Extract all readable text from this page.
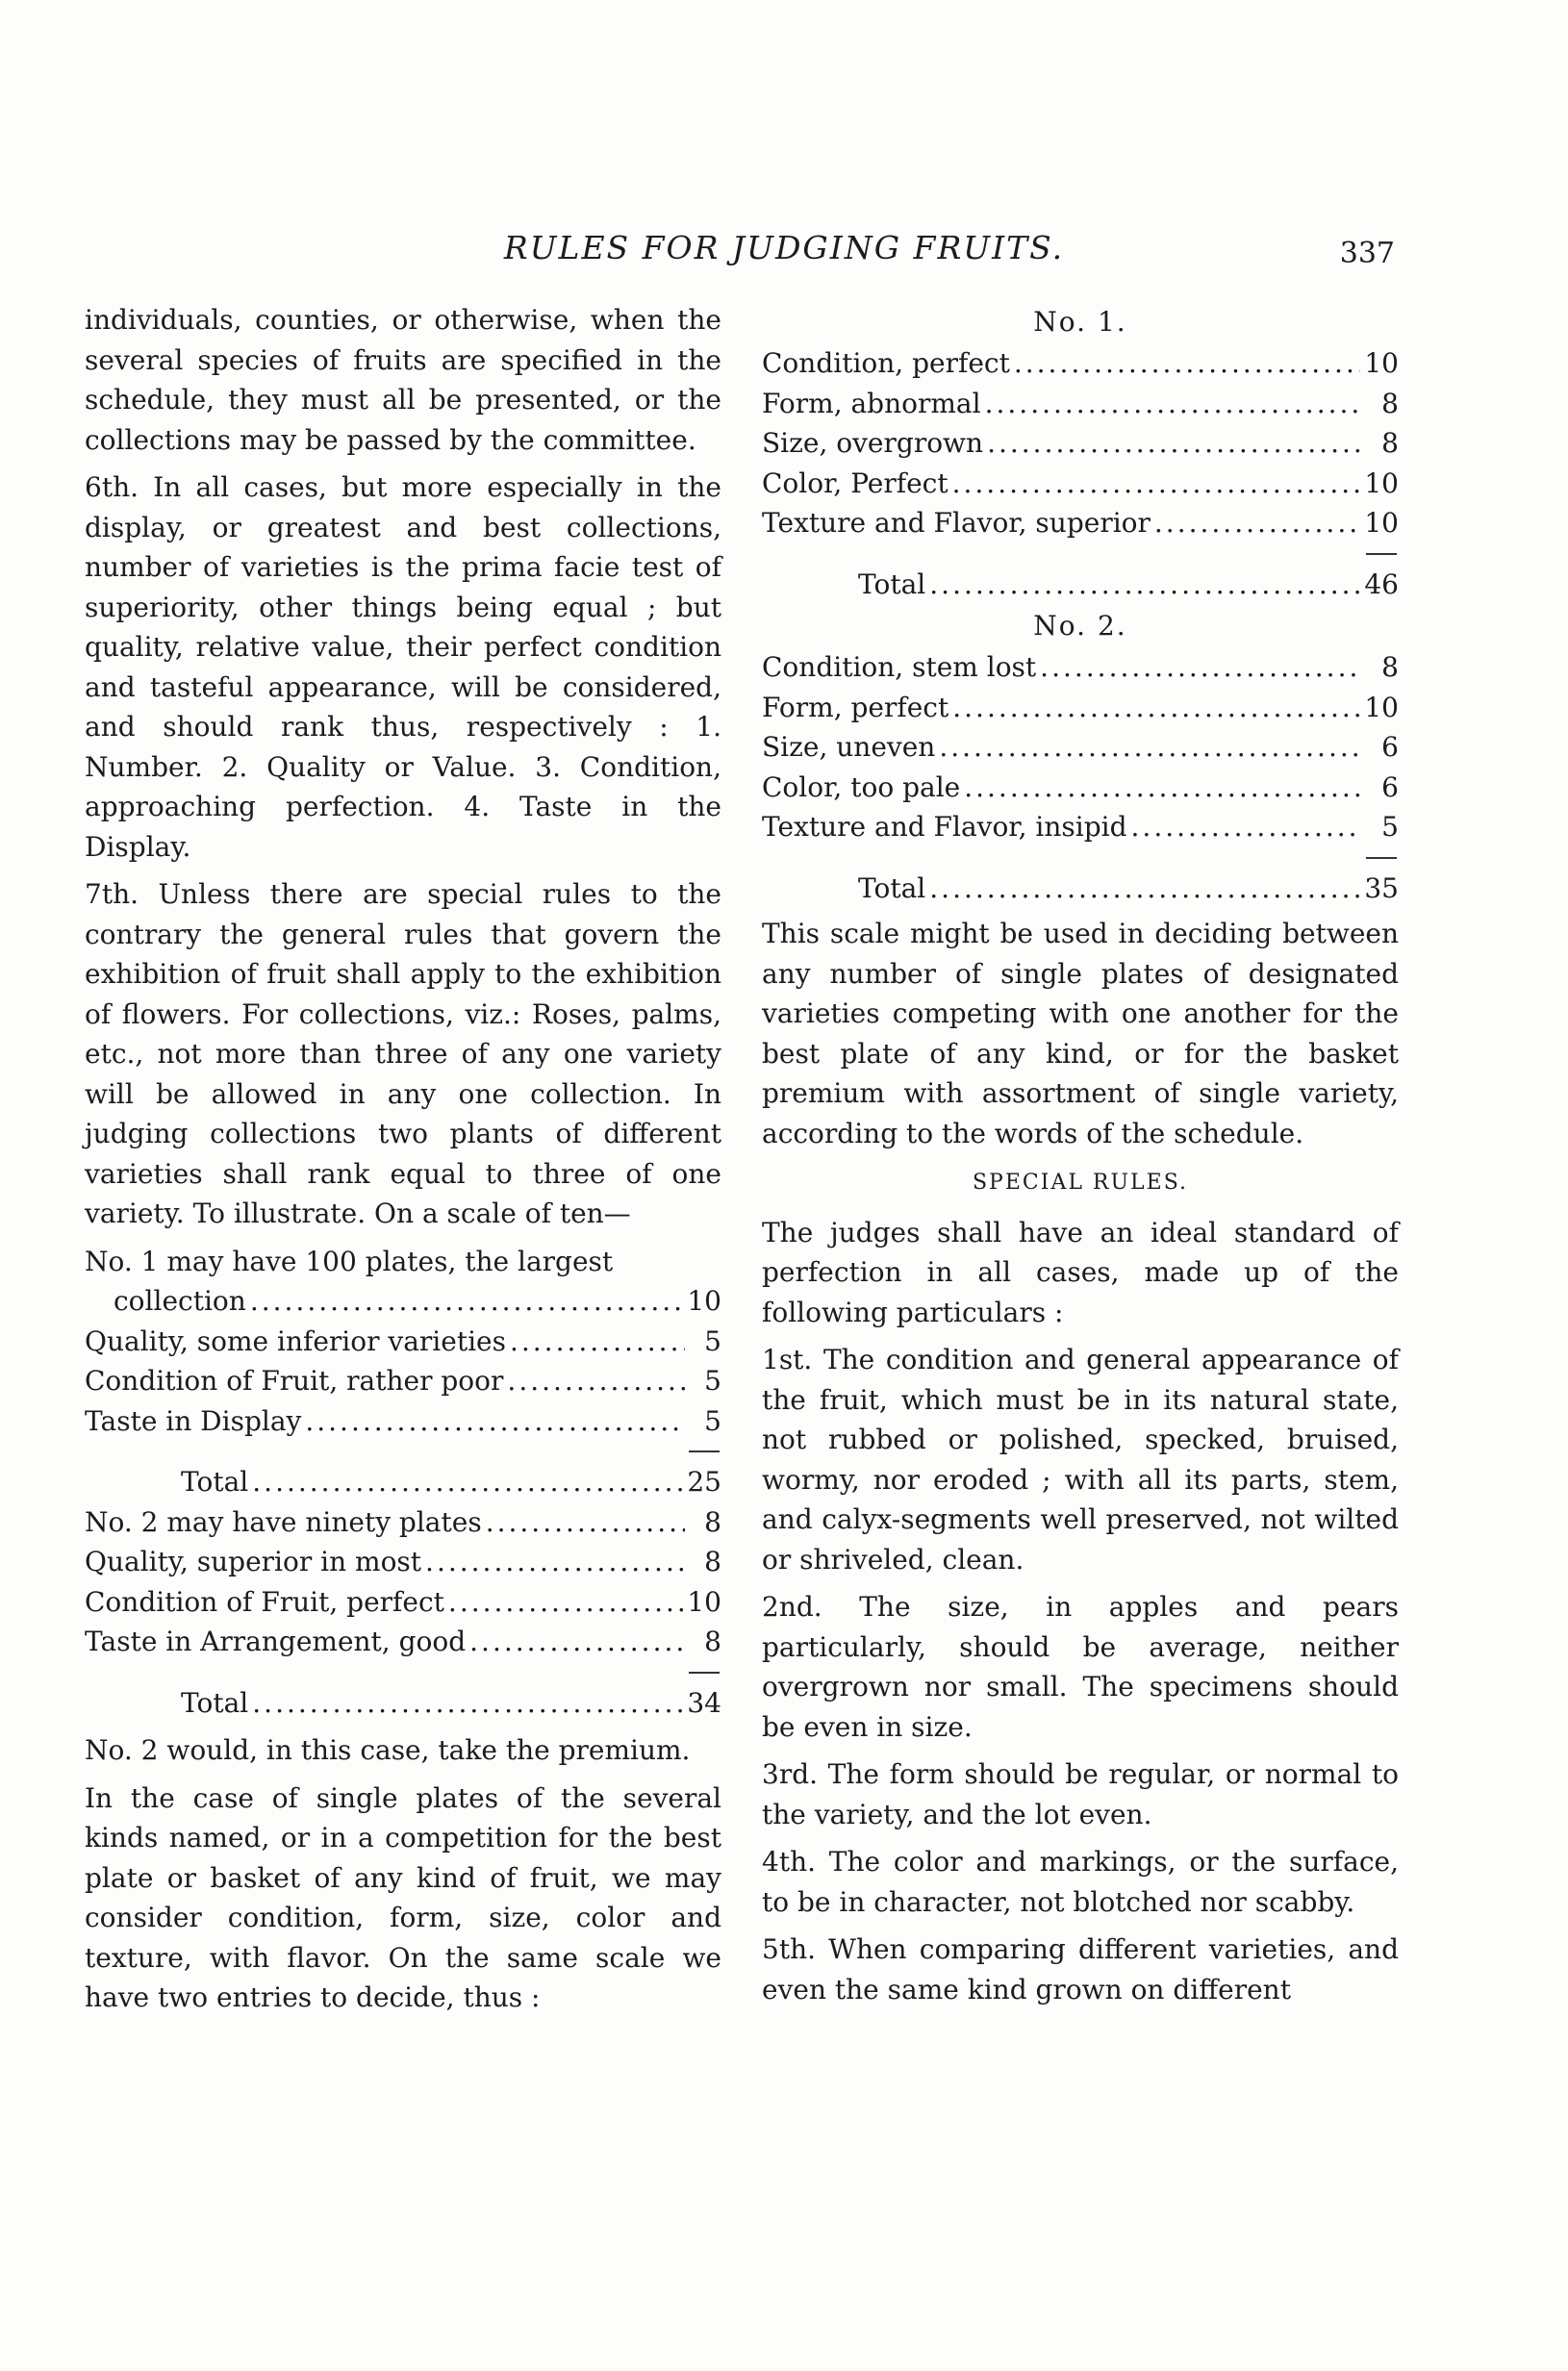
RULES FOR JUDGING FRUITS.	337

individuals, counties, or otherwise, when the several species of fruits are specified in the schedule, they must all be presented, or the collections may be passed by the committee.

6th. In all cases, but more especially in the display, or greatest and best collections, number of varieties is the prima facie test of superiority, other things being equal ; but quality, relative value, their perfect condition and tasteful appearance, will be considered, and should rank thus, respectively : 1. Number. 2. Quality or Value. 3. Condition, approaching perfection. 4. Taste in the Display.

7th. Unless there are special rules to the contrary the general rules that govern the exhibition of fruit shall apply to the exhibition of flowers. For collections, viz.: Roses, palms, etc., not more than three of any one variety will be allowed in any one collection. In judging collections two plants of different varieties shall rank equal to three of one variety. To illustrate. On a scale of ten—

No. 1 may have 100 plates, the largest
collection .....	10
Quality, some inferior varieties .....	5
Condition of Fruit, rather poor .....	5
Taste in Display .....	5
Total .....	25
No. 2 may have ninety plates .....	8
Quality, superior in most .....	8
Condition of Fruit, perfect .....	10
Taste in Arrangement, good .....	8
Total .....	34

No. 2 would, in this case, take the premium.

In the case of single plates of the several kinds named, or in a competition for the best plate or basket of any kind of fruit, we may consider condition, form, size, color and texture, with flavor. On the same scale we have two entries to decide, thus :

No. 1.
Condition, perfect .....	10
Form, abnormal .....	8
Size, overgrown .....	8
Color, Perfect .....	10
Texture and Flavor, superior .....	10
Total .....	46
No. 2.
Condition, stem lost .....	8
Form, perfect .....	10
Size, uneven .....	6
Color, too pale .....	6
Texture and Flavor, insipid .....	5
Total .....	35

This scale might be used in deciding between any number of single plates of designated varieties competing with one another for the best plate of any kind, or for the basket premium with assortment of single variety, according to the words of the schedule.

SPECIAL RULES.

The judges shall have an ideal standard of perfection in all cases, made up of the following particulars :

1st. The condition and general appearance of the fruit, which must be in its natural state, not rubbed or polished, specked, bruised, wormy, nor eroded ; with all its parts, stem, and calyx-segments well preserved, not wilted or shriveled, clean.

2nd. The size, in apples and pears particularly, should be average, neither overgrown nor small. The specimens should be even in size.

3rd. The form should be regular, or normal to the variety, and the lot even.

4th. The color and markings, or the surface, to be in character, not blotched nor scabby.

5th. When comparing different varieties, and even the same kind grown on different
